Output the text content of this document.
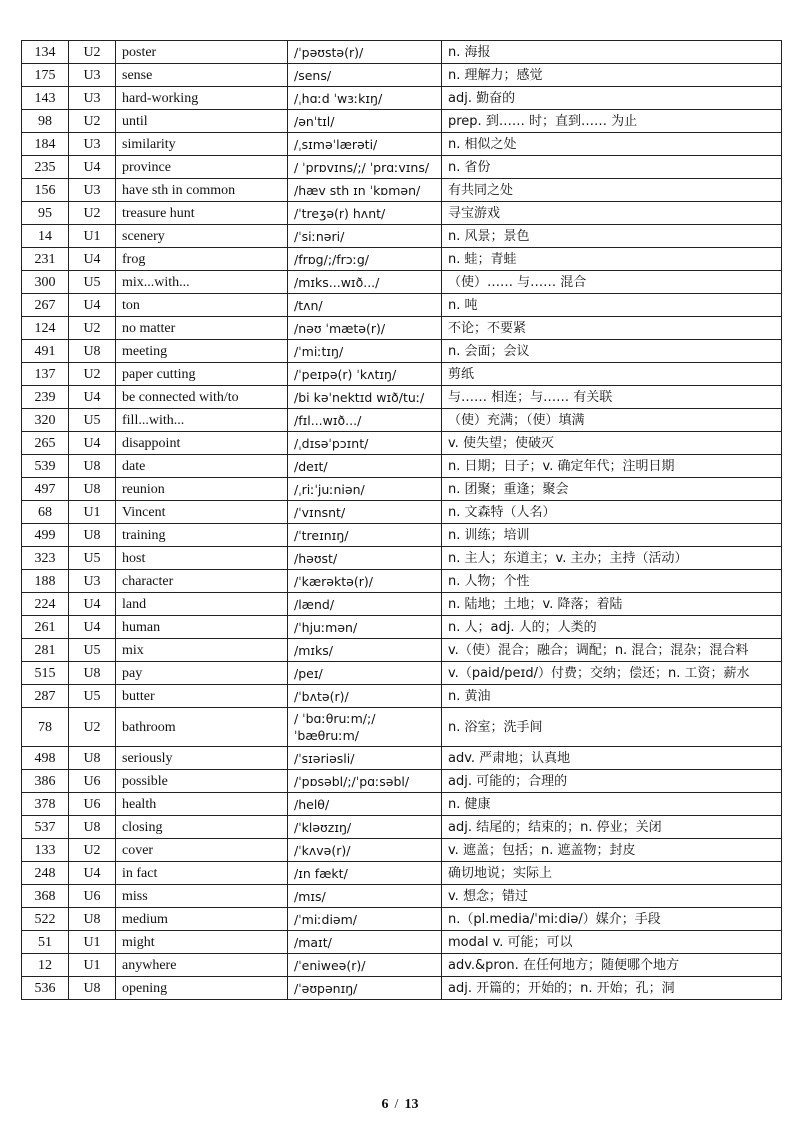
134	U2	poster	/ˈpəʊstə(r)/	n. 海报
175	U3	sense	/sens/	n. 理解力；感觉
143	U3	hard-working	/ˌhɑːd ˈwɜːkɪŋ/	adj. 勤奋的
98	U2	until	/ənˈtɪl/	prep. 到…… 时；直到…… 为止
184	U3	similarity	/ˌsɪməˈlærəti/	n. 相似之处
235	U4	province	/ ˈprɒvɪns/;/ ˈprɑːvɪns/	n. 省份
156	U3	have sth in common	/hæv sth ɪn ˈkɒmən/	有共同之处
95	U2	treasure hunt	/ˈtreʒə(r) hʌnt/	寻宝游戏
14	U1	scenery	/ˈsiːnəri/	n. 风景；景色
231	U4	frog	/frɒg/;/frɔːg/	n. 蛙；青蛙
300	U5	mix...with...	/mɪks...wɪð.../	（使）…… 与…… 混合
267	U4	ton	/tʌn/	n. 吨
124	U2	no matter	/nəʊ ˈmætə(r)/	不论；不要紧
491	U8	meeting	/ˈmiːtɪŋ/	n. 会面；会议
137	U2	paper cutting	/ˈpeɪpə(r) ˈkʌtɪŋ/	剪纸
239	U4	be connected with/to	/bi kəˈnektɪd wɪð/tuː/	与…… 相连；与…… 有关联
320	U5	fill...with...	/fɪl...wɪð.../	（使）充满；（使）填满
265	U4	disappoint	/ˌdɪsəˈpɔɪnt/	v. 使失望；使破灭
539	U8	date	/deɪt/	n. 日期；日子；v. 确定年代；注明日期
497	U8	reunion	/ˌriːˈjuːniən/	n. 团聚；重逢；聚会
68	U1	Vincent	/ˈvɪnsnt/	n. 文森特（人名）
499	U8	training	/ˈtreɪnɪŋ/	n. 训练；培训
323	U5	host	/həʊst/	n. 主人；东道主；v. 主办；主持（活动）
188	U3	character	/ˈkærəktə(r)/	n. 人物；个性
224	U4	land	/lænd/	n. 陆地；土地；v. 降落；着陆
261	U4	human	/ˈhjuːmən/	n. 人；adj. 人的；人类的
281	U5	mix	/mɪks/	v.（使）混合；融合；调配；n. 混合；混杂；混合料
515	U8	pay	/peɪ/	v.（paid/peɪd/）付费；交纳；偿还；n. 工资；薪水
287	U5	butter	/ˈbʌtə(r)/	n. 黄油
78	U2	bathroom	/ ˈbɑːθruːm/;/ ˈbæθruːm/	n. 浴室；洗手间
498	U8	seriously	/ˈsɪəriəsli/	adv. 严肃地；认真地
386	U6	possible	/ˈpɒsəbl/;/ˈpɑːsəbl/	adj. 可能的；合理的
378	U6	health	/helθ/	n. 健康
537	U8	closing	/ˈkləʊzɪŋ/	adj. 结尾的；结束的；n. 停业；关闭
133	U2	cover	/ˈkʌvə(r)/	v. 遮盖；包括；n. 遮盖物；封皮
248	U4	in fact	/ɪn fækt/	确切地说；实际上
368	U6	miss	/mɪs/	v. 想念；错过
522	U8	medium	/ˈmiːdiəm/	n.（pl.media/ˈmiːdiə/）媒介；手段
51	U1	might	/maɪt/	modal v. 可能；可以
12	U1	anywhere	/ˈeniweə(r)/	adv.&pron. 在任何地方；随便哪个地方
536	U8	opening	/ˈəʊpənɪŋ/	adj. 开篇的；开始的；n. 开始；孔；洞
6 / 13
